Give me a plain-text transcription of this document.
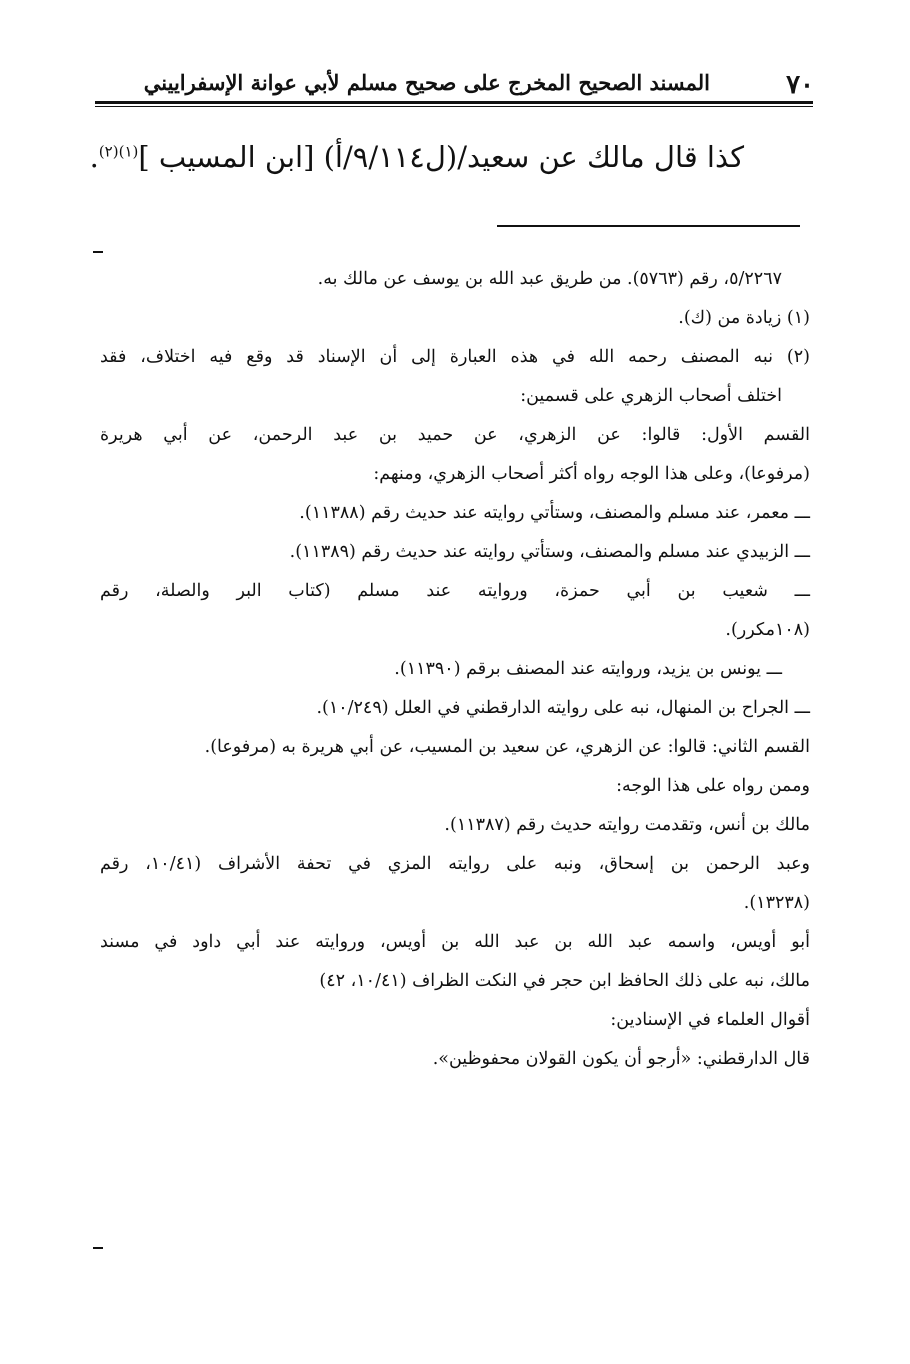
٧٠
المسند الصحيح المخرج على صحيح مسلم لأبي عوانة الإسفراييني
كذا قال مالك عن سعيد/(ل٩/١١٤/أ) [ابن المسيب ]$^{(١)(٢)}$.
٥/٢٢٦٧، رقم (٥٧٦٣). من طريق عبد الله بن يوسف عن مالك به.
(١) زيادة من (ك).
(٢) نبه المصنف رحمه الله في هذه العبارة إلى أن الإسناد قد وقع فيه اختلاف، فقد
اختلف أصحاب الزهري على قسمين:
القسم الأول: قالوا: عن الزهري، عن حميد بن عبد الرحمن، عن أبي هريرة
(مرفوعا)، وعلى هذا الوجه رواه أكثر أصحاب الزهري، ومنهم:
ـــ معمر، عند مسلم والمصنف، وستأتي روايته عند حديث رقم (١١٣٨٨).
ـــ الزبيدي عند مسلم والمصنف، وستأتي روايته عند حديث رقم (١١٣٨٩).
ـــ شعيب بن أبي حمزة، وروايته عند مسلم (كتاب البر والصلة، رقم
(١٠٨مكرر).
ـــ يونس بن يزيد، وروايته عند المصنف برقم (١١٣٩٠).
ـــ الجراح بن المنهال، نبه على روايته الدارقطني في العلل (١٠/٢٤٩).
القسم الثاني: قالوا: عن الزهري، عن سعيد بن المسيب، عن أبي هريرة به (مرفوعا).
وممن رواه على هذا الوجه:
مالك بن أنس، وتقدمت روايته حديث رقم (١١٣٨٧).
وعبد الرحمن بن إسحاق، ونبه على روايته المزي في تحفة الأشراف (١٠/٤١، رقم
(١٣٢٣٨).
أبو أويس، واسمه عبد الله بن عبد الله بن أويس، وروايته عند أبي داود في مسند
مالك، نبه على ذلك الحافظ ابن حجر في النكت الظراف (١٠/٤١، ٤٢)
أقوال العلماء في الإسنادين:
قال الدارقطني: «أرجو أن يكون القولان محفوظين».
